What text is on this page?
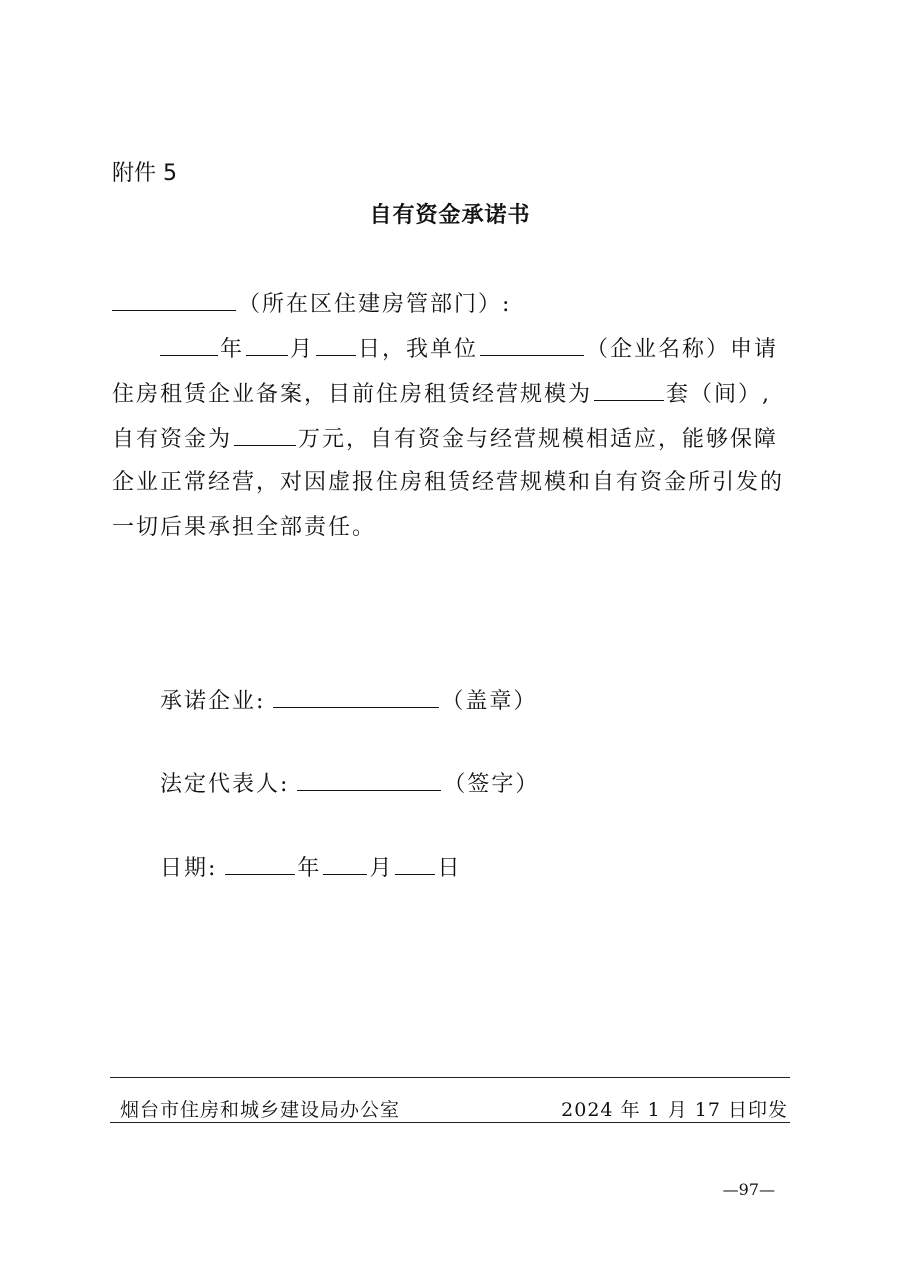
附件 5
自有资金承诺书
（所在区住建房管部门）:
年 月 日，我单位	（企业名称）申请
住房租赁企业备案，目前住房租赁经营规模为	套（间）,
自有资金为	万元，自有资金与经营规模相适应，能够保障
企业正常经营，对因虚报住房租赁经营规模和自有资金所引发的
一切后果承担全部责任。
承诺企业:	（盖章）
法定代表人:	（签字）
日期:	年 月 日
烟台市住房和城乡建设局办公室	2024 年 1 月 17 日印发
—97—
